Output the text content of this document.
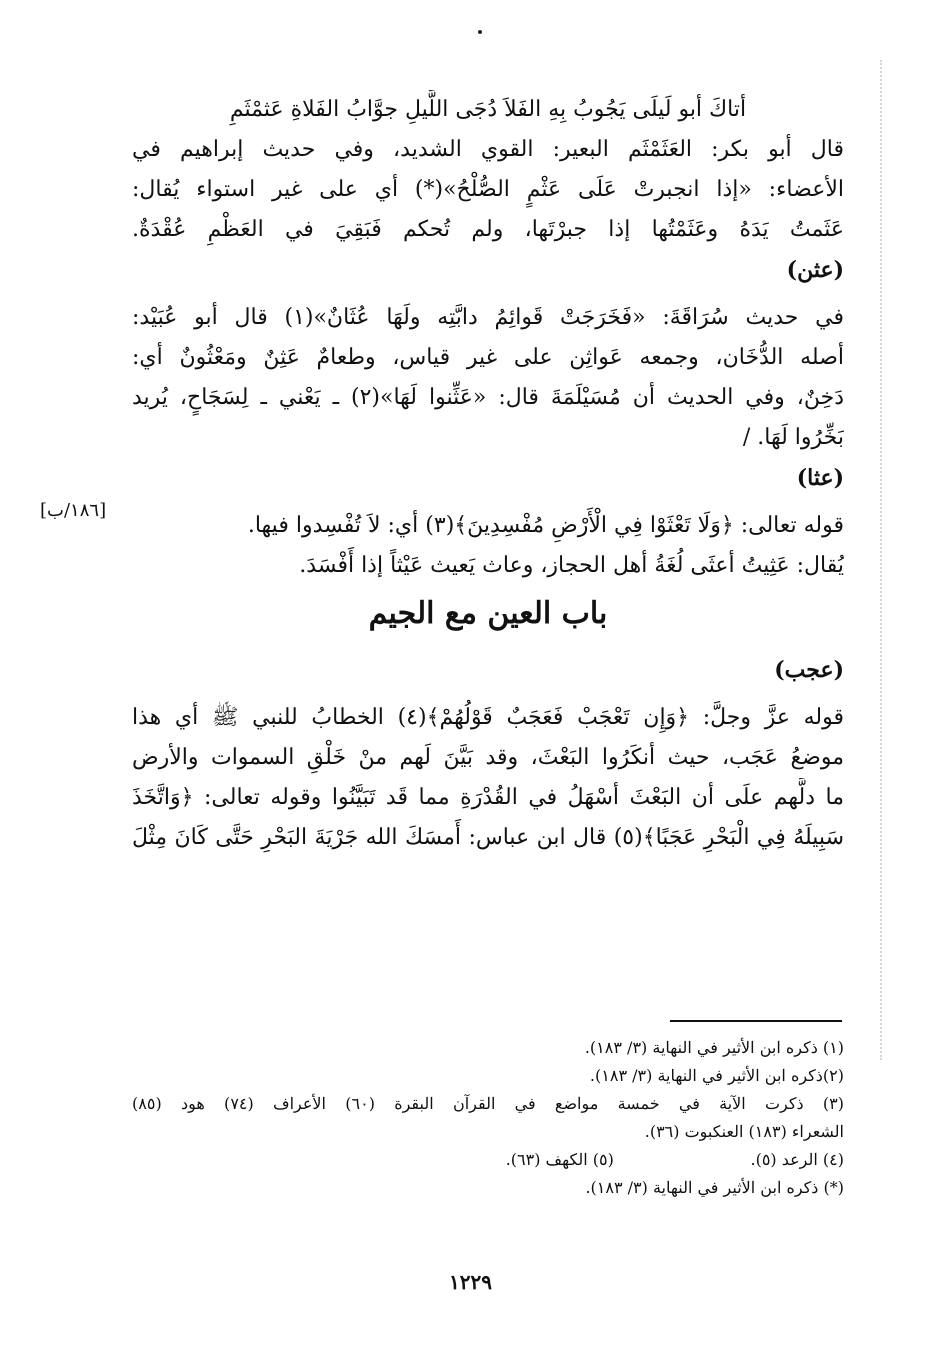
أتاكَ أبو لَيلَى يَجُوبُ بِهِ الفَلاَ دُجَى اللَّيلِ جوَّابُ الفَلاةِ عَثمْثَمِ
قال أبو بكر: العَثَمْثَم البعير: القوي الشديد، وفي حديث إبراهيم في
الأعضاء: «إذا انجبرتْ عَلَى عَثْمٍ الصُّلْحُ»(*) أي على غير استواء يُقال:
عَثَمتُ يَدَهُ وعَثَمْتُها إذا جبرْتَها، ولم تُحكم فَبَقِيَ في العَظْمِ عُقْدَةٌ.
(عثن)
في حديث سُرَاقَةَ: «فَخَرَجَتْ قَوائِمُ دابَّتِه ولَهَا عُثَانٌ»(١) قال أبو عُبَيْد:
أصله الدُّخَان، وجمعه عَواثِن على غير قياس، وطعامٌ عَثِنٌ ومَعْثُونٌ أي:
دَخِنٌ، وفي الحديث أن مُسَيْلَمَةَ قال: «عَثِّنوا لَهَا»(٢) ـ يَعْني ـ لِسَجَاحٍ، يُريد
بَخِّرُوا لَهَا. /
(عثا)
قوله تعالى: ﴿وَلَا تَعْثَوْا فِي الْأَرْضِ مُفْسِدِينَ﴾(٣) أي: لاَ تُفْسِدوا فيها.
يُقال: عَثِيتُ أعثَى لُغَةُ أهل الحجاز، وعاث يَعيث عَيْثاً إذا أَفْسَدَ.
باب العين مع الجيم
(عجب)
قوله عزَّ وجلَّ: ﴿وَإِن تَعْجَبْ فَعَجَبٌ قَوْلُهُمْ﴾(٤) الخطابُ للنبي ﷺ أي هذا
موضعُ عَجَب، حيث أنكَرُوا البَعْثَ، وقد بَيَّنَ لَهم منْ خَلْقِ السموات والأرض
ما دلَّهم علَى أن البَعْثَ أسْهَلُ في القُدْرَةِ مما قَد تَبَيَّنُوا وقوله تعالى: ﴿وَاتَّخَذَ
سَبِيلَهُ فِي الْبَحْرِ عَجَبًا﴾(٥) قال ابن عباس: أَمسَكَ الله جَرْيَةَ البَحْرِ حَتَّى كَانَ مِثْلَ
[١٨٦/ب]
(١) ذكره ابن الأثير في النهاية (٣/ ١٨٣).
(٢)ذكره ابن الأثير في النهاية (٣/ ١٨٣).
(٣) ذكرت الآية في خمسة مواضع في القرآن البقرة (٦٠) الأعراف (٧٤) هود (٨٥)
الشعراء (١٨٣) العنكبوت (٣٦).
(٤) الرعد (٥).  (٥) الكهف (٦٣).
(*) ذكره ابن الأثير في النهاية (٣/ ١٨٣).
١٢٢٩
